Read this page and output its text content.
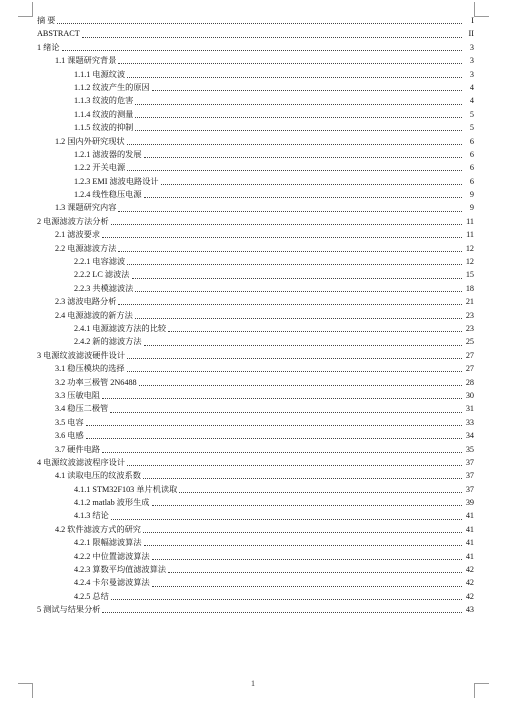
摘 要	I
ABSTRACT	II
1 绪论	3
1.1 课题研究背景	3
1.1.1 电源纹波	3
1.1.2 纹波产生的原因	4
1.1.3 纹波的危害	4
1.1.4 纹波的测量	5
1.1.5 纹波的抑制	5
1.2 国内外研究现状	6
1.2.1 滤波器的发展	6
1.2.2 开关电源	6
1.2.3 EMI 滤波电路设计	6
1.2.4 线性稳压电源	9
1.3 课题研究内容	9
2 电源滤波方法分析	11
2.1 滤波要求	11
2.2 电源滤波方法	12
2.2.1 电容滤波	12
2.2.2 LC 滤波法	15
2.2.3 共模滤波法	18
2.3 滤波电路分析	21
2.4 电源滤波的新方法	23
2.4.1 电源滤波方法的比较	23
2.4.2 新的滤波方法	25
3 电源纹波滤波硬件设计	27
3.1 稳压模块的选择	27
3.2 功率三极管 2N6488	28
3.3 压敏电阻	30
3.4 稳压二极管	31
3.5 电容	33
3.6 电感	34
3.7 硬件电路	35
4 电源纹波滤波程序设计	37
4.1 读取电压的纹波系数	37
4.1.1 STM32F103 单片机读取	37
4.1.2 matlab 波形生成	39
4.1.3 结论	41
4.2 软件滤波方式的研究	41
4.2.1 限幅滤波算法	41
4.2.2 中位置滤波算法	41
4.2.3 算数平均值滤波算法	42
4.2.4 卡尔曼滤波算法	42
4.2.5 总结	42
5 测试与结果分析	43
1
